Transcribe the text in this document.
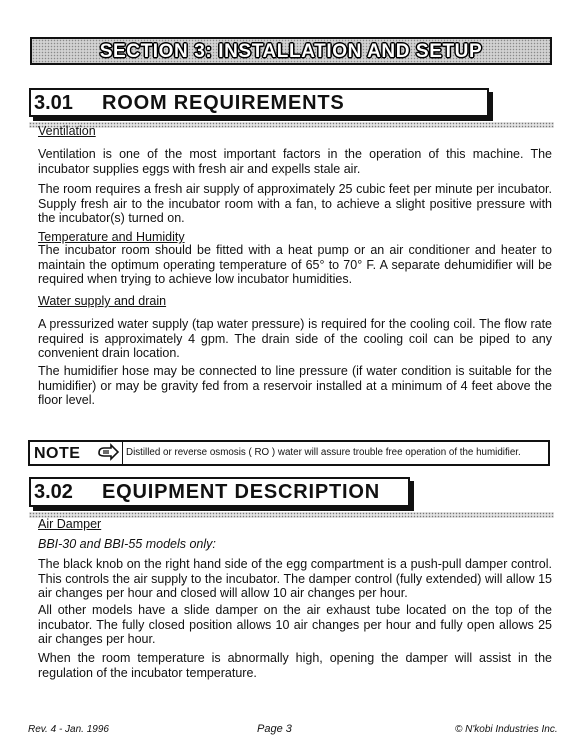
SECTION 3: INSTALLATION AND SETUP
3.01 ROOM REQUIREMENTS
Ventilation
Ventilation is one of the most important factors in the operation of this machine. The incubator supplies eggs with fresh air and expells stale air.
The room requires a fresh air supply of approximately 25 cubic feet per minute per incubator. Supply fresh air to the incubator room with a fan, to achieve a slight positive pressure with the incubator(s) turned on.
Temperature and Humidity
The incubator room should be fitted with a heat pump or an air conditioner and heater to maintain the optimum operating temperature of 65° to 70° F. A separate dehumidifier will be required when trying to achieve low incubator humidities.
Water supply and drain
A pressurized water supply (tap water pressure) is required for the cooling coil. The flow rate required is approximately 4 gpm. The drain side of the cooling coil can be piped to any convenient drain location.
The humidifier hose may be connected to line pressure (if water condition is suitable for the humidifier) or may be gravity fed from a reservoir installed at a minimum of 4 feet above the floor level.
NOTE	Distilled or reverse osmosis ( RO ) water will assure trouble free operation of the humidifier.
3.02 EQUIPMENT DESCRIPTION
Air Damper
BBI-30 and BBI-55 models only:
The black knob on the right hand side of the egg compartment is a push-pull damper control. This controls the air supply to the incubator. The damper control (fully extended) will allow 15 air changes per hour and closed will allow 10 air changes per hour.
All other models have a slide damper on the air exhaust tube located on the top of the incubator. The fully closed position allows 10 air changes per hour and fully open allows 25 air changes per hour.
When the room temperature is abnormally high, opening the damper will assist in the regulation of the incubator temperature.
Rev. 4 - Jan. 1996	Page 3	© N'kobi Industries Inc.
